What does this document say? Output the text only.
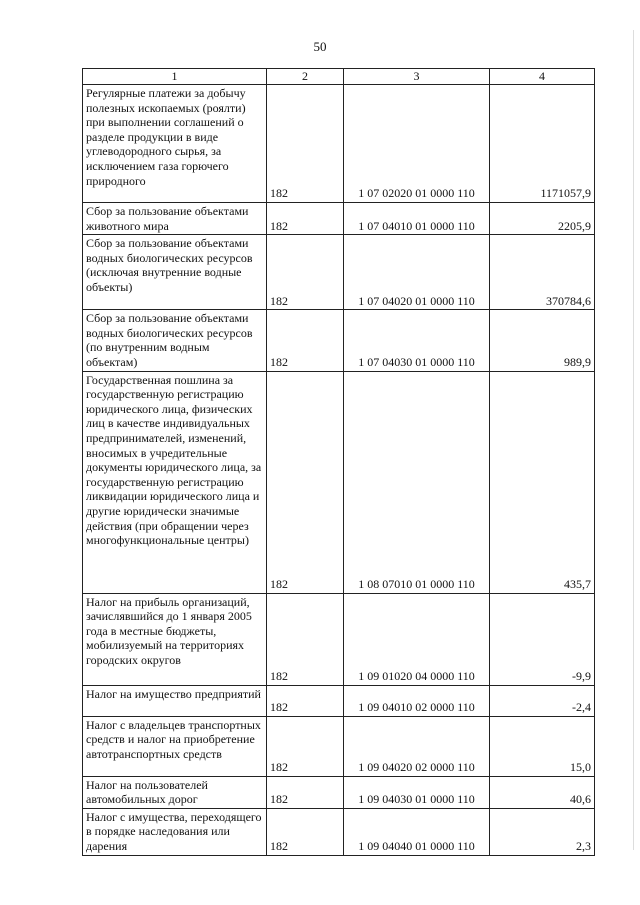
50
1	2	3	4
Регулярные платежи за добычу полезных ископаемых (роялти) при выполнении соглашений о разделе продукции в виде углеводородного сырья, за исключением газа горючего природного	182	1 07 02020 01 0000 110	1171057,9
Сбор за пользование объектами животного мира	182	1 07 04010 01 0000 110	2205,9
Сбор за пользование объектами водных биологических ресурсов (исключая внутренние водные объекты)	182	1 07 04020 01 0000 110	370784,6
Сбор за пользование объектами водных биологических ресурсов (по внутренним водным объектам)	182	1 07 04030 01 0000 110	989,9
Государственная пошлина за государственную регистрацию юридического лица, физических лиц в качестве индивидуальных предпринимателей, изменений, вносимых в учредительные документы юридического лица, за государственную регистрацию ликвидации юридического лица и другие юридически значимые действия (при обращении через многофункциональные центры)	182	1 08 07010 01 0000 110	435,7
Налог на прибыль организаций, зачислявшийся до 1 января 2005 года в местные бюджеты, мобилизуемый на территориях городских округов	182	1 09 01020 04 0000 110	-9,9
Налог на имущество предприятий	182	1 09 04010 02 0000 110	-2,4
Налог с владельцев транспортных средств и налог на приобретение автотранспортных средств	182	1 09 04020 02 0000 110	15,0
Налог на пользователей автомобильных дорог	182	1 09 04030 01 0000 110	40,6
Налог с имущества, переходящего в порядке наследования или дарения	182	1 09 04040 01 0000 110	2,3
